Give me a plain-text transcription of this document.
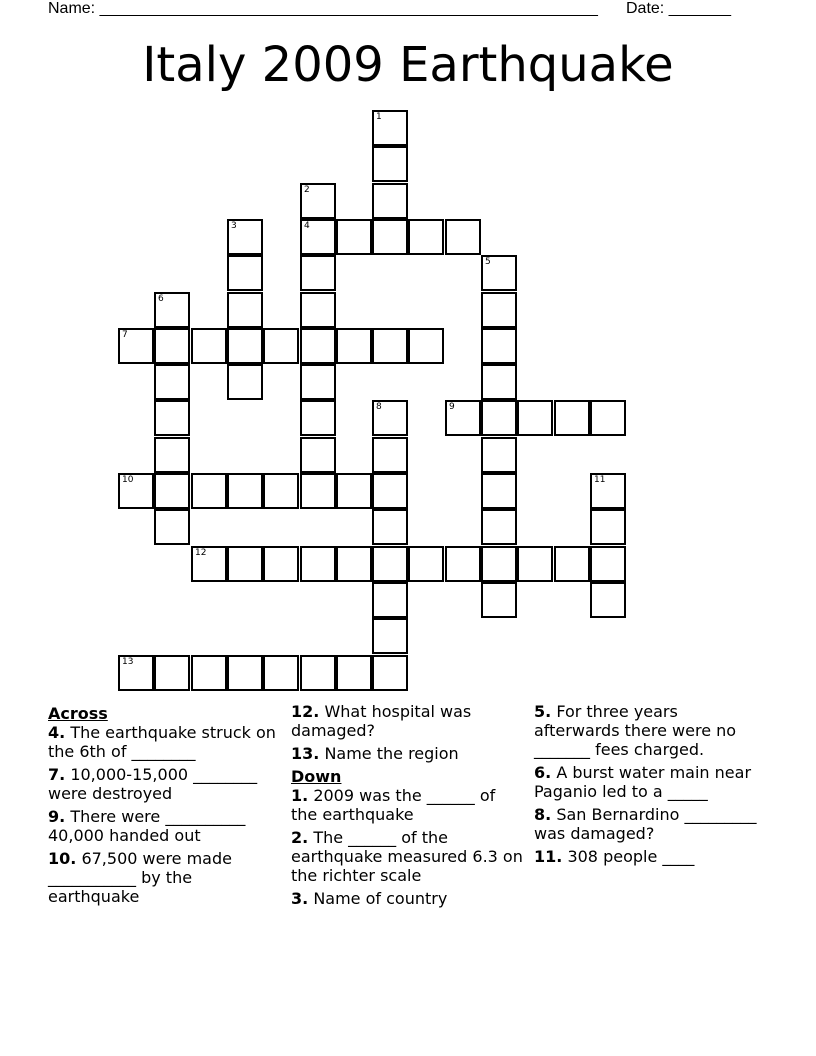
Name: ________________________________________________________ Date: _______
Italy 2009 Earthquake
1
2
3	4
5
6
7
8	9
10	11
12
13
Across
4. The earthquake struck on the 6th of ________
7. 10,000-15,000 ________ were destroyed
9. There were __________ 40,000 handed out
10. 67,500 were made ___________ by the earthquake
12. What hospital was damaged?
13. Name the region
Down
1. 2009 was the ______ of the earthquake
2. The ______ of the earthquake measured 6.3 on the richter scale
3. Name of country
5. For three years afterwards there were no _______ fees charged.
6. A burst water main near Paganio led to a _____
8. San Bernardino _________ was damaged?
11. 308 people ____
